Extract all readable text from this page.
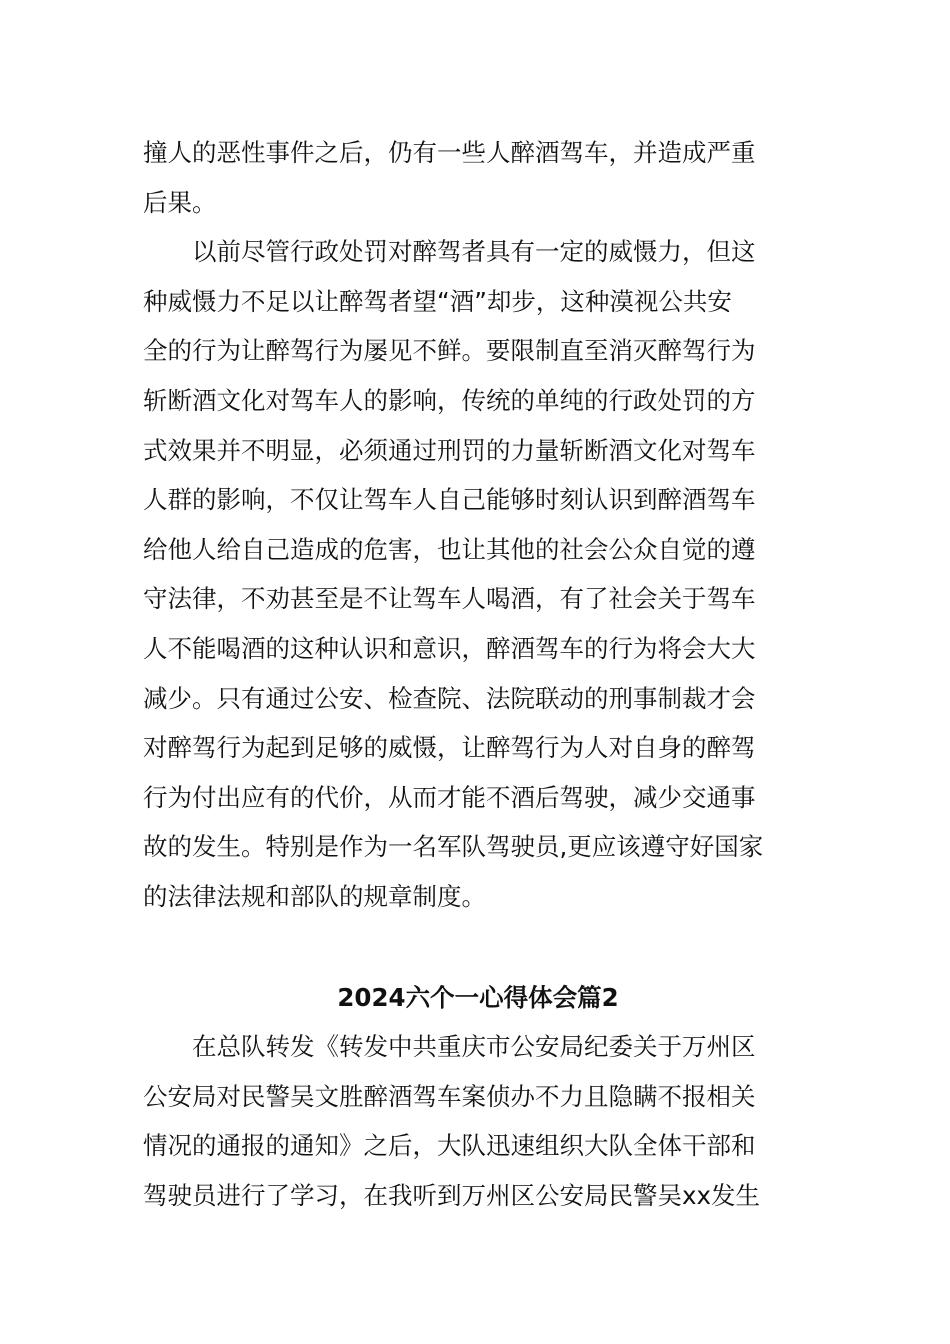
撞人的恶性事件之后，仍有一些人醉酒驾车，并造成严重
后果。
以前尽管行政处罚对醉驾者具有一定的威慑力，但这
种威慑力不足以让醉驾者望“酒”却步，这种漠视公共安
全的行为让醉驾行为屡见不鲜。要限制直至消灭醉驾行为
斩断酒文化对驾车人的影响，传统的单纯的行政处罚的方
式效果并不明显，必须通过刑罚的力量斩断酒文化对驾车
人群的影响，不仅让驾车人自己能够时刻认识到醉酒驾车
给他人给自己造成的危害，也让其他的社会公众自觉的遵
守法律，不劝甚至是不让驾车人喝酒，有了社会关于驾车
人不能喝酒的这种认识和意识，醉酒驾车的行为将会大大
减少。只有通过公安、检查院、法院联动的刑事制裁才会
对醉驾行为起到足够的威慑，让醉驾行为人对自身的醉驾
行为付出应有的代价，从而才能不酒后驾驶，减少交通事
故的发生。特别是作为一名军队驾驶员,更应该遵守好国家
的法律法规和部队的规章制度。
2024六个一心得体会篇2
在总队转发《转发中共重庆市公安局纪委关于万州区
公安局对民警吴文胜醉酒驾车案侦办不力且隐瞒不报相关
情况的通报的通知》之后，大队迅速组织大队全体干部和
驾驶员进行了学习，在我听到万州区公安局民警吴xx发生
